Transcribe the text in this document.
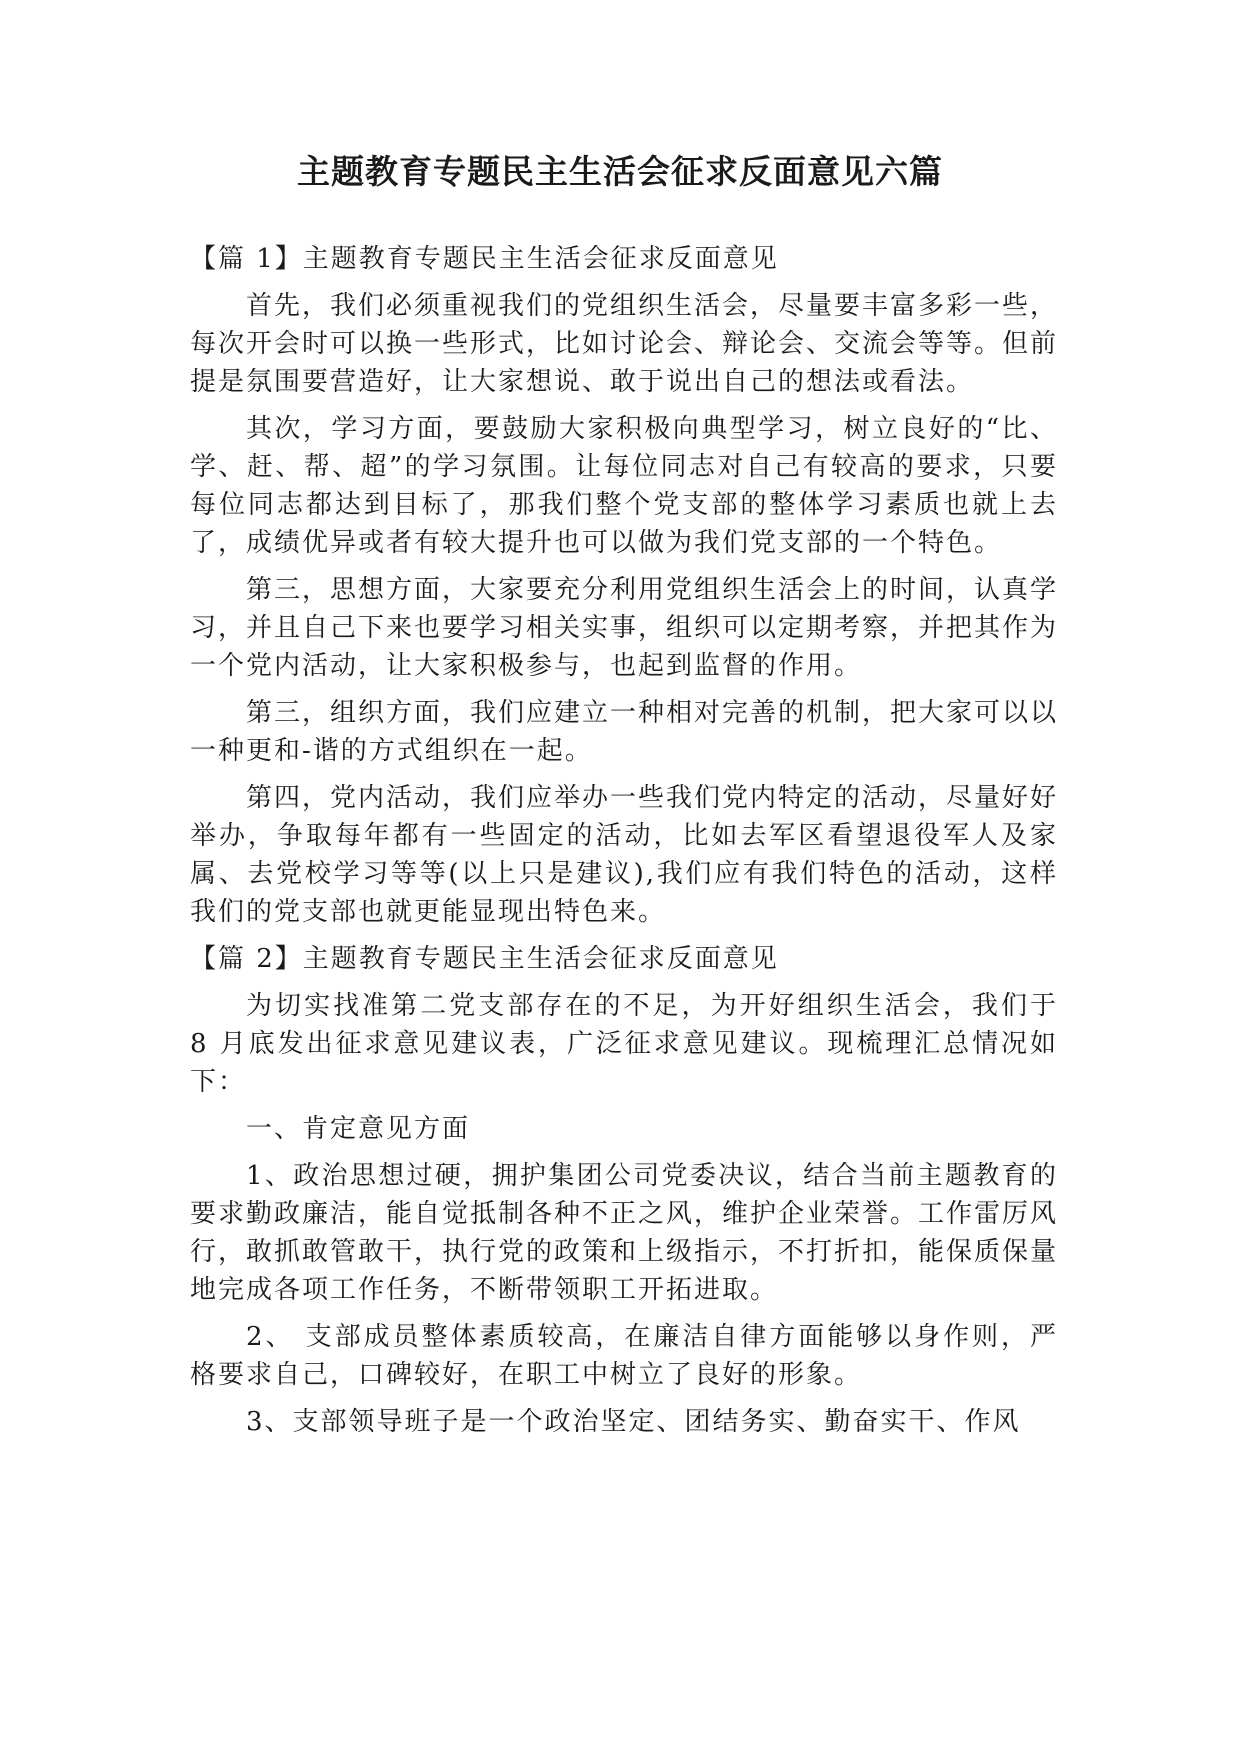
主题教育专题民主生活会征求反面意见六篇

【篇 1】主题教育专题民主生活会征求反面意见

首先，我们必须重视我们的党组织生活会，尽量要丰富多彩一些，每次开会时可以换一些形式，比如讨论会、辩论会、交流会等等。但前提是氛围要营造好，让大家想说、敢于说出自己的想法或看法。

其次，学习方面，要鼓励大家积极向典型学习，树立良好的“比、学、赶、帮、超”的学习氛围。让每位同志对自己有较高的要求，只要每位同志都达到目标了，那我们整个党支部的整体学习素质也就上去了，成绩优异或者有较大提升也可以做为我们党支部的一个特色。

第三，思想方面，大家要充分利用党组织生活会上的时间，认真学习，并且自己下来也要学习相关实事，组织可以定期考察，并把其作为一个党内活动，让大家积极参与，也起到监督的作用。

第三，组织方面，我们应建立一种相对完善的机制，把大家可以以一种更和-谐的方式组织在一起。

第四，党内活动，我们应举办一些我们党内特定的活动，尽量好好举办，争取每年都有一些固定的活动，比如去军区看望退役军人及家属、去党校学习等等(以上只是建议),我们应有我们特色的活动，这样我们的党支部也就更能显现出特色来。

【篇 2】主题教育专题民主生活会征求反面意见

为切实找准第二党支部存在的不足，为开好组织生活会，我们于 8 月底发出征求意见建议表，广泛征求意见建议。现梳理汇总情况如下：

一、肯定意见方面

1、政治思想过硬，拥护集团公司党委决议，结合当前主题教育的要求勤政廉洁，能自觉抵制各种不正之风，维护企业荣誉。工作雷厉风行，敢抓敢管敢干，执行党的政策和上级指示，不打折扣，能保质保量地完成各项工作任务，不断带领职工开拓进取。

2、 支部成员整体素质较高，在廉洁自律方面能够以身作则，严格要求自己，口碑较好，在职工中树立了良好的形象。

3、支部领导班子是一个政治坚定、团结务实、勤奋实干、作风
